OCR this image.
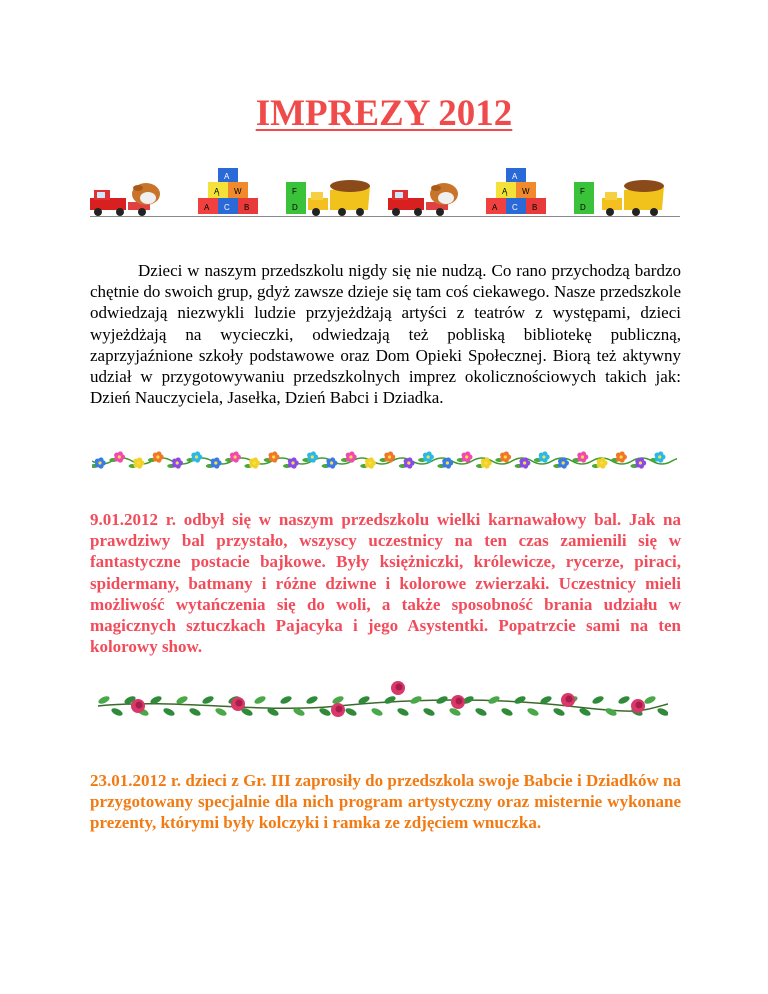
IMPREZY 2012
A C B
Ą W
A
D
F
A C B
Ą W
A
D
F

Dzieci w naszym przedszkolu nigdy się nie nudzą. Co rano przychodzą bardzo chętnie do swoich grup, gdyż zawsze dzieje się tam coś ciekawego. Nasze przedszkole odwiedzają niezwykli ludzie przyjeżdżają artyści z teatrów z występami, dzieci wyjeżdżają na wycieczki, odwiedzają też pobliską bibliotekę publiczną, zaprzyjaźnione szkoły podstawowe oraz Dom Opieki Społecznej. Biorą też aktywny udział w przygotowywaniu przedszkolnych imprez okolicznościowych takich jak: Dzień Nauczyciela, Jasełka, Dzień Babci i Dziadka.

9.01.2012 r. odbył się w naszym przedszkolu wielki karnawałowy bal. Jak na prawdziwy bal przystało, wszyscy uczestnicy na ten czas zamienili się w fantastyczne postacie bajkowe. Były księżniczki, królewicze, rycerze, piraci, spidermany, batmany i różne dziwne i kolorowe zwierzaki. Uczestnicy mieli możliwość wytańczenia się do woli, a także sposobność brania udziału w magicznych sztuczkach Pajacyka i jego Asystentki. Popatrzcie sami na ten kolorowy show.

23.01.2012 r. dzieci z Gr. III zaprosiły do przedszkola swoje Babcie i Dziadków na przygotowany specjalnie dla nich program artystyczny oraz misternie wykonane prezenty, którymi były kolczyki i ramka ze zdjęciem wnuczka.
